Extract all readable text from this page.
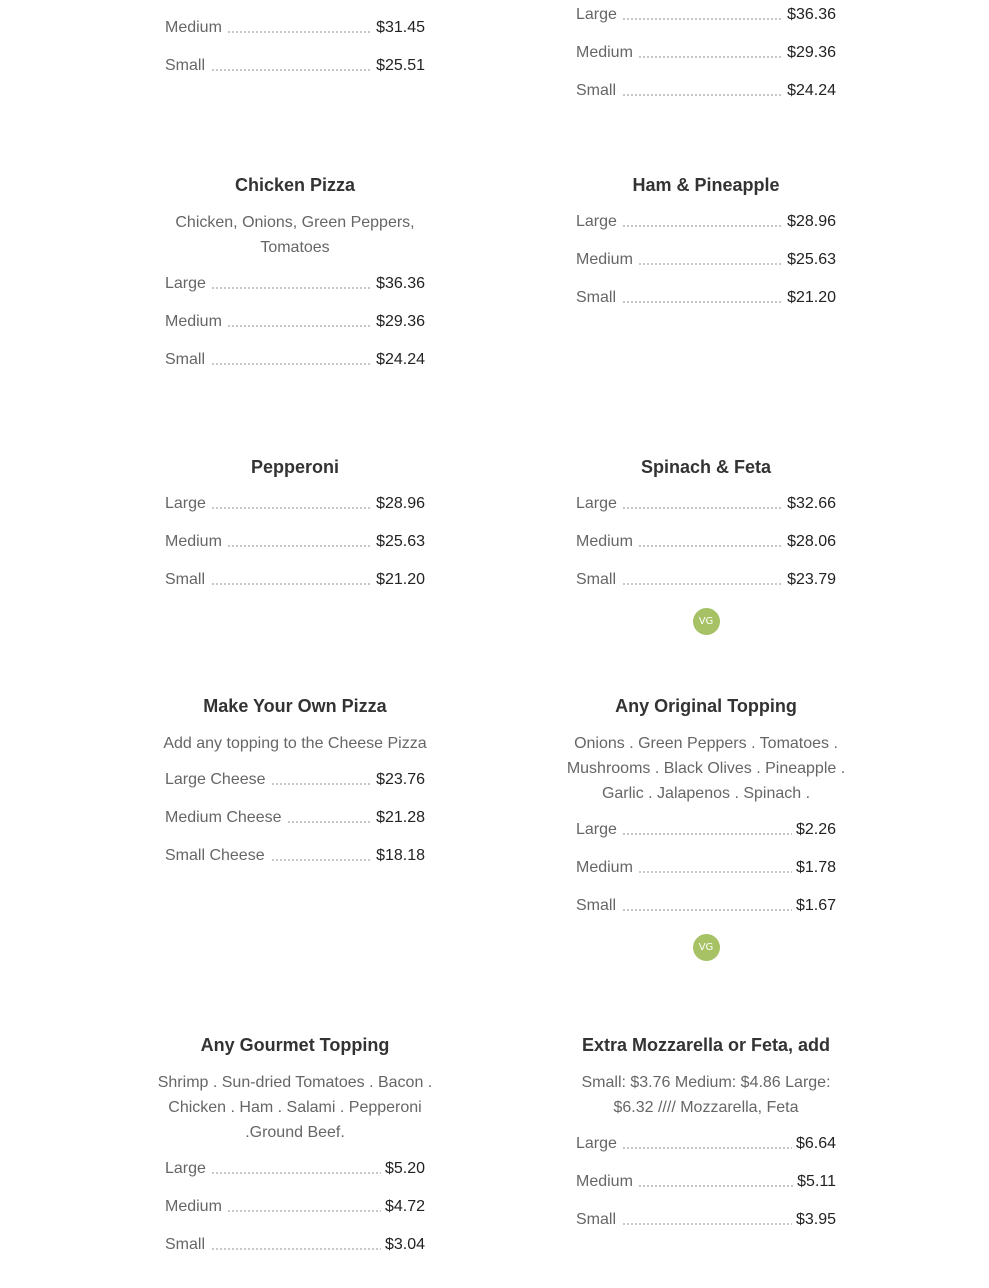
Medium	$31.45
Small	$25.51
Chicken Pizza
Chicken, Onions, Green Peppers, Tomatoes
Large	$36.36
Medium	$29.36
Small	$24.24
Pepperoni
Large	$28.96
Medium	$25.63
Small	$21.20
Make Your Own Pizza
Add any topping to the Cheese Pizza
Large Cheese	$23.76
Medium Cheese	$21.28
Small Cheese	$18.18
Any Gourmet Topping
Shrimp . Sun-dried Tomatoes . Bacon . Chicken . Ham . Salami . Pepperoni .Ground Beef.
Large	$5.20
Medium	$4.72
Small	$3.04
Large	$36.36
Medium	$29.36
Small	$24.24
Ham & Pineapple
Large	$28.96
Medium	$25.63
Small	$21.20
Spinach & Feta
Large	$32.66
Medium	$28.06
Small	$23.79
VG
Any Original Topping
Onions . Green Peppers . Tomatoes . Mushrooms . Black Olives . Pineapple . Garlic . Jalapenos . Spinach .
Large	$2.26
Medium	$1.78
Small	$1.67
VG
Extra Mozzarella or Feta, add
Small: $3.76 Medium: $4.86 Large: $6.32 //// Mozzarella, Feta
Large	$6.64
Medium	$5.11
Small	$3.95
